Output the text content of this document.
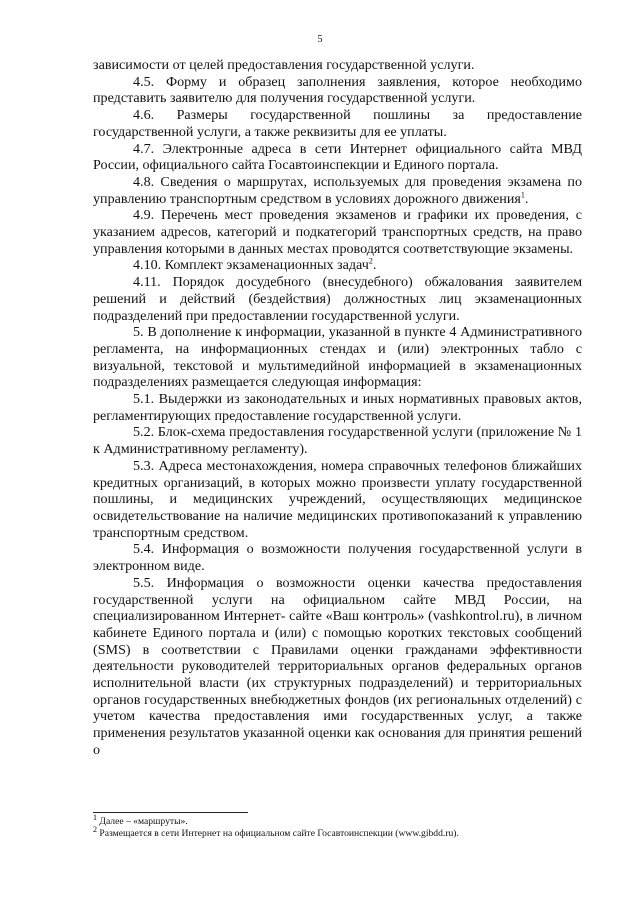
5

зависимости от целей предоставления государственной услуги.

4.5. Форму и образец заполнения заявления, которое необходимо представить заявителю для получения государственной услуги.

4.6. Размеры государственной пошлины за предоставление государственной услуги, а также реквизиты для ее уплаты.

4.7. Электронные адреса в сети Интернет официального сайта МВД России, официального сайта Госавтоинспекции и Единого портала.

4.8. Сведения о маршрутах, используемых для проведения экзамена по управлению транспортным средством в условиях дорожного движения$^1$.

4.9. Перечень мест проведения экзаменов и графики их проведения, с указанием адресов, категорий и подкатегорий транспортных средств, на право управления которыми в данных местах проводятся соответствующие экзамены.

4.10. Комплект экзаменационных задач$^2$.

4.11. Порядок досудебного (внесудебного) обжалования заявителем решений и действий (бездействия) должностных лиц экзаменационных подразделений при предоставлении государственной услуги.

5. В дополнение к информации, указанной в пункте 4 Административного регламента, на информационных стендах и (или) электронных табло с визуальной, текстовой и мультимедийной информацией в экзаменационных подразделениях размещается следующая информация:

5.1. Выдержки из законодательных и иных нормативных правовых актов, регламентирующих предоставление государственной услуги.

5.2. Блок-схема предоставления государственной услуги (приложение № 1 к Административному регламенту).

5.3. Адреса местонахождения, номера справочных телефонов ближайших кредитных организаций, в которых можно произвести уплату государственной пошлины, и медицинских учреждений, осуществляющих медицинское освидетельствование на наличие медицинских противопоказаний к управлению транспортным средством.

5.4. Информация о возможности получения государственной услуги в электронном виде.

5.5. Информация о возможности оценки качества предоставления государственной услуги на официальном сайте МВД России, на специализированном Интернет- сайте «Ваш контроль» (vashkontrol.ru), в личном кабинете Единого портала и (или) с помощью коротких текстовых сообщений (SMS) в соответствии с Правилами оценки гражданами эффективности деятельности руководителей территориальных органов федеральных органов исполнительной власти (их структурных подразделений) и территориальных органов государственных внебюджетных фондов (их региональных отделений) с учетом качества предоставления ими государственных услуг, а также применения результатов указанной оценки как основания для принятия решений о

$^1$ Далее – «маршруты».

$^2$ Размещается в сети Интернет на официальном сайте Госавтоинспекции (www.gibdd.ru).
